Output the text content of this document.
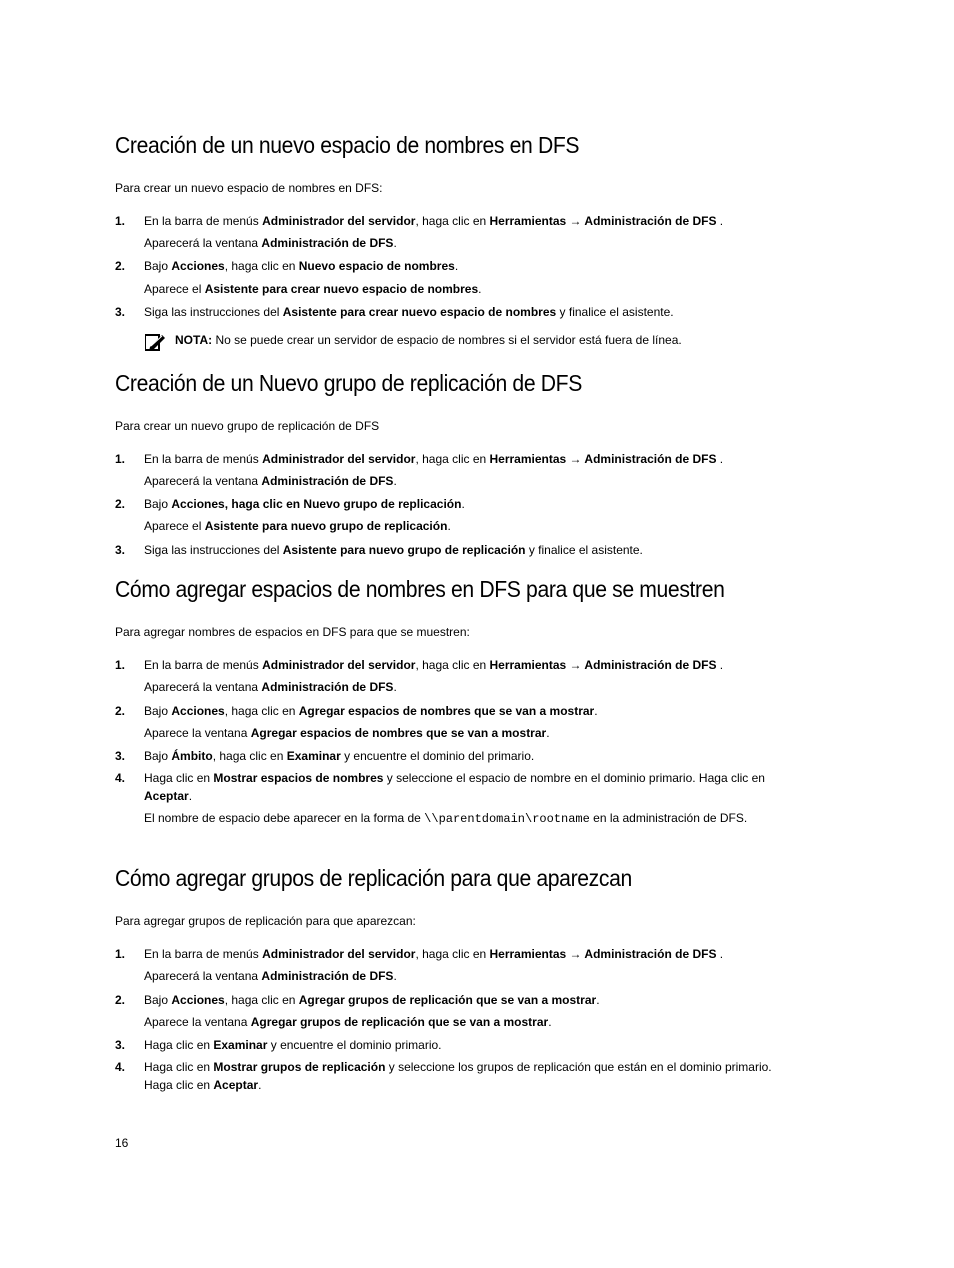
Creación de un nuevo espacio de nombres en DFS
Para crear un nuevo espacio de nombres en DFS:
1. En la barra de menús Administrador del servidor, haga clic en Herramientas → Administración de DFS .
Aparecerá la ventana Administración de DFS.
2. Bajo Acciones, haga clic en Nuevo espacio de nombres.
Aparece el Asistente para crear nuevo espacio de nombres.
3. Siga las instrucciones del Asistente para crear nuevo espacio de nombres y finalice el asistente.
NOTA: No se puede crear un servidor de espacio de nombres si el servidor está fuera de línea.
Creación de un Nuevo grupo de replicación de DFS
Para crear un nuevo grupo de replicación de DFS
1. En la barra de menús Administrador del servidor, haga clic en Herramientas → Administración de DFS .
Aparecerá la ventana Administración de DFS.
2. Bajo Acciones, haga clic en Nuevo grupo de replicación.
Aparece el Asistente para nuevo grupo de replicación.
3. Siga las instrucciones del Asistente para nuevo grupo de replicación y finalice el asistente.
Cómo agregar espacios de nombres en DFS para que se muestren
Para agregar nombres de espacios en DFS para que se muestren:
1. En la barra de menús Administrador del servidor, haga clic en Herramientas → Administración de DFS .
Aparecerá la ventana Administración de DFS.
2. Bajo Acciones, haga clic en Agregar espacios de nombres que se van a mostrar.
Aparece la ventana Agregar espacios de nombres que se van a mostrar.
3. Bajo Ámbito, haga clic en Examinar y encuentre el dominio del primario.
4. Haga clic en Mostrar espacios de nombres y seleccione el espacio de nombre en el dominio primario. Haga clic en Aceptar.
El nombre de espacio debe aparecer en la forma de \\parentdomain\rootname en la administración de DFS.
Cómo agregar grupos de replicación para que aparezcan
Para agregar grupos de replicación para que aparezcan:
1. En la barra de menús Administrador del servidor, haga clic en Herramientas → Administración de DFS .
Aparecerá la ventana Administración de DFS.
2. Bajo Acciones, haga clic en Agregar grupos de replicación que se van a mostrar.
Aparece la ventana Agregar grupos de replicación que se van a mostrar.
3. Haga clic en Examinar y encuentre el dominio primario.
4. Haga clic en Mostrar grupos de replicación y seleccione los grupos de replicación que están en el dominio primario. Haga clic en Aceptar.
16
